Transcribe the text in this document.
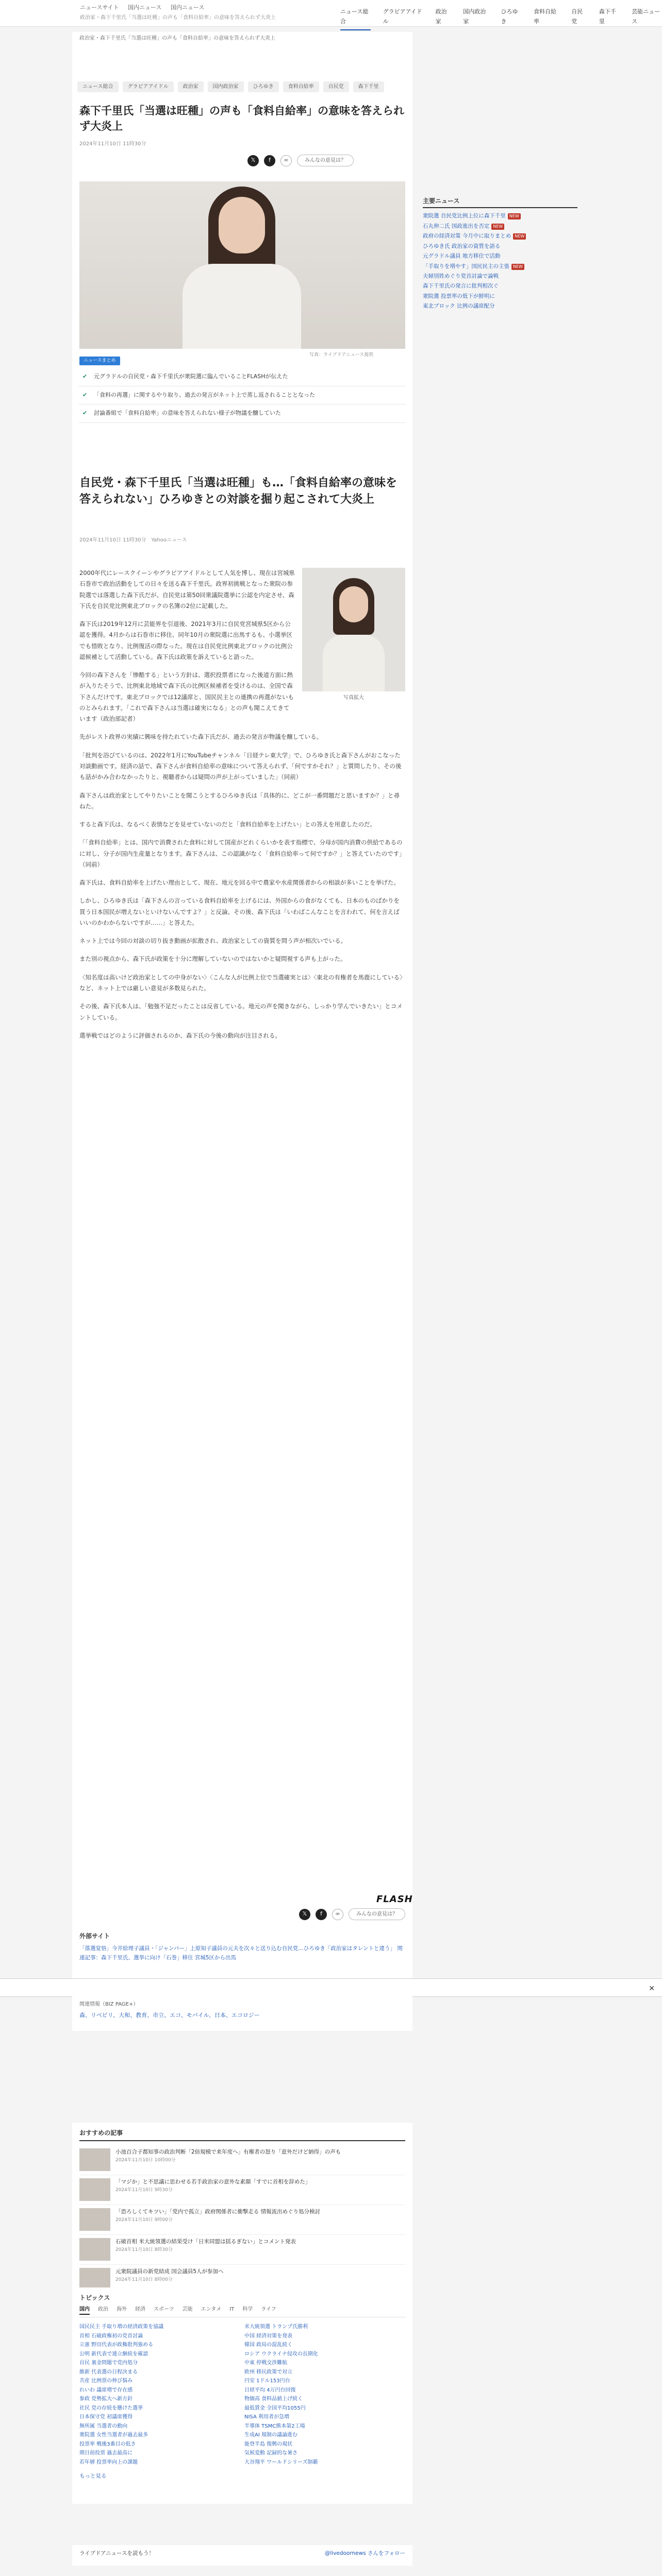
ニュースサイト 国内ニュース 国内ニュース
政治家・森下千里氏「当選は旺種」の声も「食料自給率」の意味を答えられず大炎上
ニュース総合
グラビアアイドル
政治家
国内政治家
ひろゆき
食料自給率
自民党
森下千里
芸能ニュース
政治家・森下千里氏「当選は旺種」の声も「食料自給率」の意味を答えられず大炎上
森下千里氏「当選は旺種」の声も「食料自給率」の意味を答えられず大炎上
2024年11月10日 11時30分
𝕏	f	∞	みんなの意見は？
写真：ライブドアニュース提供
ニュースまとめ
✔ 元グラドルの自民党・森下千里氏が衆院選に臨んでいることFLASHが伝えた
✔ 「食料の再選」に関するやり取り、過去の発言がネット上で蒸し返されることとなった
✔ 討論番組で「食料自給率」の意味を答えられない様子が物議を醸していた
自民党・森下千里氏「当選は旺種」も…「食料自給率の意味を答えられない」ひろゆきとの対談を掘り起こされて大炎上
2024年11月10日 11時30分　Yahooニュース
写真拡大

2000年代にレースクイーンやグラビアアイドルとして人気を博し、現在は宮城県石巻市で政治活動をしての日々を送る森下千里氏。政界初挑戦となった衆院の参院選では落選した森下氏だが、自民党は第50回衆議院選挙に公認を内定させ、森下氏を自民党比例東北ブロックの名簿の2位に記載した。

森下氏は2019年12月に芸能界を引退後、2021年3月に自民党宮城県5区から公認を獲得。4月からは石巻市に移住、同年10月の衆院選に出馬するも、小選挙区でも惜敗となり、比例復活の際なった。現在は自民党比例東北ブロックの比例公認候補として活動している。森下氏は政策を訴えていると語った。

今回の森下さんを「惨酷する」という方針は、選択投票者になった後道方面に熱が入りたそうで、比例東北地域で森下氏の比例区候補者を受けるのは、全国で森下さんだけです。東北ブロックでは12議席と、国民民主との連携の再選がないものとみられます。「これで森下さんは当選は確実になる」との声も聞こえてきています（政治部記者）

先がレスト政界の実績に興味を持たれていた森下氏だが、過去の発言が物議を醸している。

「批判を浴びているのは、2022年1月にYouTubeチャンネル「日経テレ東大学」で、ひろゆき氏と森下さんがおこなった対談動画です。経済の話で、森下さんが食料自給率の意味について答えられず、「何ですかそれ？」と質問したり、その後も話がかみ合わなかったりと、視聴者からは疑問の声が上がっていました」（同前）

森下さんは政治家としてやりたいことを聞こうとするひろゆき氏は「具体的に、どこが一番問題だと思いますか？」と尋ねた。

すると森下氏は、なるべく表情などを見せていないのだと「食料自給率を上げたい」との答えを用意したのだ。

「「食料自給率」とは、国内で消費された食料に対して国産がどれくらいかを表す指標で、分母が国内消費の供給であるのに対し、分子が国内生産量となります。森下さんは、この認識がなく「食料自給率って何ですか？」と答えていたのです」（同前）

森下氏は、食料自給率を上げたい理由として、現在、地元を回る中で農家や水産関係者からの相談が多いことを挙げた。

しかし、ひろゆき氏は「森下さんの言っている食料自給率を上げるには、外国からの食がなくても、日本のものばかりを買う日本国民が増えないといけないんですよ？」と反論。その後、森下氏は「いわばこんなことを言われて、何を言えばいいのかわからないですが……」と答えた。

ネット上では今回の対談の切り抜き動画が拡散され、政治家としての資質を問う声が相次いでいる。

また別の視点から、森下氏が政策を十分に理解していないのではないかと疑問視する声も上がった。

〈知名度は高いけど政治家としての中身がない〉〈こんな人が比例上位で当選確実とは〉〈東北の有権者を馬鹿にしている〉など、ネット上では厳しい意見が多数見られた。

その後、森下氏本人は、「勉強不足だったことは反省している。地元の声を聞きながら、しっかり学んでいきたい」とコメントしている。

選挙戦ではどのように評価されるのか、森下氏の今後の動向が注目される。

FLASH
𝕏	f	∞	みんなの意見は？
外部サイト

「落選覚悟」今井絵理子議員・「ジャンパー」上原知子議員の元夫を次々と送り込む自民党…ひろゆき「政治家はタレントと違う」 関連記事：森下千里氏、選挙に向け「石巻」移住 宮城5区から出馬

ニュース総合	グラビアアイドル	政治家	国内政治家	ひろゆき	食料自給率	自民党	森下千里
主要ニュース
衆院選 自民党比例上位に森下千里 NEW
石丸伸二氏 国政進出を否定 NEW
政府の経済対策 今月中に取りまとめ NEW
ひろゆき氏 政治家の資質を語る
元グラドル議員 地方移住で活動
「手取りを増やす」国民民主の主張 NEW
夫婦別姓めぐり党首討論で論戦
森下千里氏の発言に批判相次ぐ
衆院選 投票率の低下が鮮明に
東北ブロック 比例の議席配分
✕
関連情報（BIZ PAGE+）
森、リベビリ、大和、教育、市立、エコ、モバイル、日本、エコロジー
おすすめの記事
小池百合子都知事の政治判断「2倍規模で来年度へ」有権者の怒り「意外だけど納得」の声も
2024年11月10日 10時00分
「マジか」と不思議に思わせる若手政治家の意外な素顔「すでに首相を辞めた」
2024年11月10日 9時30分
「恐ろしくてキツい」「党内で孤立」政府関係者に衝撃走る 情報流出めぐり処分検討
2024年11月10日 9時00分
石破首相 米大統領選の結果受け「日米同盟は揺るぎない」とコメント発表
2024年11月10日 8時30分
元衆院議員の新党結成 国会議員5人が参加へ
2024年11月10日 8時00分
トピックス
国内 政治 海外 経済 スポーツ 芸能 エンタメ IT 科学 ライフ
国民民主 手取り増の経済政策を協議
首相 石破政権初の党首討論
立憲 野田代表が政権批判強める
公明 新代表で連立継続を確認
自民 裏金問題で党内処分
維新 代表選の日程決まる
共産 比例票の伸び悩み
れいわ 議席増で存在感
参政 党勢拡大へ新方針
社民 党の存続を懸けた選挙
日本保守党 初議席獲得
無所属 当選者の動向
衆院選 女性当選者が過去最多
投票率 戦後3番目の低さ
期日前投票 過去最高に
若年層 投票率向上の課題
米大統領選 トランプ氏勝利
中国 経済対策を発表
韓国 政局の混乱続く
ロシア ウクライナ侵攻の長期化
中東 停戦交渉難航
欧州 移民政策で対立
円安 1ドル153円台
日経平均 4万円台回復
物価高 食料品値上げ続く
最低賃金 全国平均1055円
NISA 利用者が急増
半導体 TSMC熊本第2工場
生成AI 規制の議論進む
能登半島 復興の現状
気候変動 記録的な暑さ
大谷翔平 ワールドシリーズ制覇
もっと見る
ライブドアニュースを読もう！	@livedoornews さんをフォロー
